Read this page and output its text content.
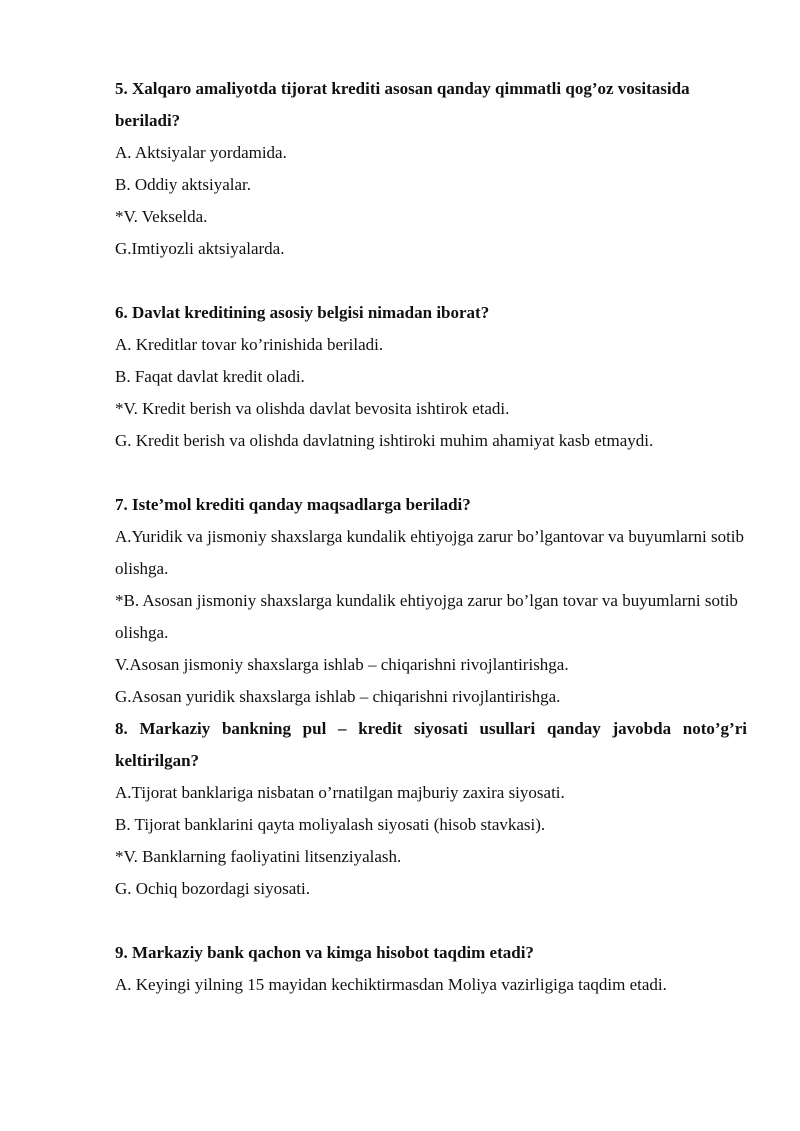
5. Xalqaro amaliyotda tijorat krediti asosan qanday qimmatli qog’oz vositasida beriladi?

A. Aktsiyalar yordamida.

B. Oddiy aktsiyalar.

*V. Vekselda.

G.Imtiyozli aktsiyalarda.

6. Davlat kreditining asosiy belgisi nimadan iborat?

A. Kreditlar tovar ko’rinishida beriladi.

B. Faqat davlat kredit oladi.

*V. Kredit berish va olishda davlat bevosita ishtirok etadi.

G. Kredit berish va olishda davlatning ishtiroki muhim ahamiyat kasb etmaydi.

7. Iste’mol krediti qanday maqsadlarga beriladi?

A.Yuridik va jismoniy shaxslarga kundalik ehtiyojga zarur bo’lgantovar va buyumlarni sotib olishga.

*B. Asosan jismoniy shaxslarga kundalik ehtiyojga zarur bo’lgan tovar va buyumlarni sotib olishga.

V.Asosan jismoniy shaxslarga ishlab – chiqarishni rivojlantirishga.

G.Asosan yuridik shaxslarga ishlab – chiqarishni rivojlantirishga.

8. Markaziy bankning pul – kredit siyosati usullari qanday javobda noto’g’ri keltirilgan?

A.Tijorat banklariga nisbatan o’rnatilgan majburiy zaxira siyosati.

B. Tijorat banklarini qayta moliyalash siyosati (hisob stavkasi).

*V. Banklarning faoliyatini litsenziyalash.

G. Ochiq bozordagi siyosati.

9. Markaziy bank qachon va kimga hisobot taqdim etadi?

A. Keyingi yilning 15 mayidan kechiktirmasdan Moliya vazirligiga taqdim etadi.
